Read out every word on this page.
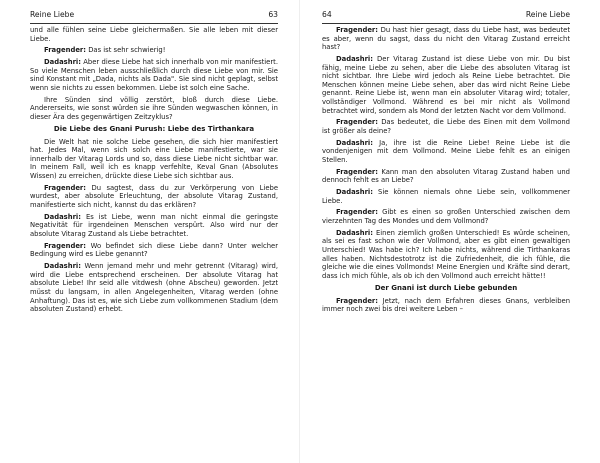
Reine Liebe	63

und alle fühlen seine Liebe gleichermaßen. Sie alle leben mit dieser Liebe.

Fragender: Das ist sehr schwierig!

Dadashri: Aber diese Liebe hat sich innerhalb von mir manifestiert. So viele Menschen leben ausschließlich durch diese Liebe von mir. Sie sind Konstant mit „Dada, nichts als Dada". Sie sind nicht geplagt, selbst wenn sie nichts zu essen bekommen. Liebe ist solch eine Sache.

Ihre Sünden sind völlig zerstört, bloß durch diese Liebe. Andererseits, wie sonst würden sie ihre Sünden wegwaschen können, in dieser Ära des gegenwärtigen Zeitzyklus?

Die Liebe des Gnani Purush: Liebe des Tirthankara

Die Welt hat nie solche Liebe gesehen, die sich hier manifestiert hat. Jedes Mal, wenn sich solch eine Liebe manifestierte, war sie innerhalb der Vitarag Lords und so, dass diese Liebe nicht sichtbar war. In meinem Fall, weil ich es knapp verfehlte, Keval Gnan (Absolutes Wissen) zu erreichen, drückte diese Liebe sich sichtbar aus.

Fragender: Du sagtest, dass du zur Verkörperung von Liebe wurdest, aber absolute Erleuchtung, der absolute Vitarag Zustand, manifestierte sich nicht, kannst du das erklären?

Dadashri: Es ist Liebe, wenn man nicht einmal die geringste Negativität für irgendeinen Menschen verspürt. Also wird nur der absolute Vitarag Zustand als Liebe betrachtet.

Fragender: Wo befindet sich diese Liebe dann? Unter welcher Bedingung wird es Liebe genannt?

Dadashri: Wenn jemand mehr und mehr getrennt (Vitarag) wird, wird die Liebe entsprechend erscheinen. Der absolute Vitarag hat absolute Liebe! Ihr seid alle vitdwesh (ohne Abscheu) geworden. Jetzt müsst du langsam, in allen Angelegenheiten, Vitarag werden (ohne Anhaftung). Das ist es, wie sich Liebe zum vollkommenen Stadium (dem absoluten Zustand) erhebt.

64	Reine Liebe

Fragender: Du hast hier gesagt, dass du Liebe hast, was bedeutet es aber, wenn du sagst, dass du nicht den Vitarag Zustand erreicht hast?

Dadashri: Der Vitarag Zustand ist diese Liebe von mir. Du bist fähig, meine Liebe zu sehen, aber die Liebe des absoluten Vitarag ist nicht sichtbar. Ihre Liebe wird jedoch als Reine Liebe betrachtet. Die Menschen können meine Liebe sehen, aber das wird nicht Reine Liebe genannt. Reine Liebe ist, wenn man ein absoluter Vitarag wird; totaler, vollständiger Vollmond. Während es bei mir nicht als Vollmond betrachtet wird, sondern als Mond der letzten Nacht vor dem Vollmond.

Fragender: Das bedeutet, die Liebe des Einen mit dem Vollmond ist größer als deine?

Dadashri: Ja, ihre ist die Reine Liebe! Reine Liebe ist die vondenjenigen mit dem Vollmond. Meine Liebe fehlt es an einigen Stellen.

Fragender: Kann man den absoluten Vitarag Zustand haben und dennoch fehlt es an Liebe?

Dadashri: Sie können niemals ohne Liebe sein, vollkommener Liebe.

Fragender: Gibt es einen so großen Unterschied zwischen dem vierzehnten Tag des Mondes und dem Vollmond?

Dadashri: Einen ziemlich großen Unterschied! Es würde scheinen, als sei es fast schon wie der Vollmond, aber es gibt einen gewaltigen Unterschied! Was habe ich? Ich habe nichts, während die Tirthankaras alles haben. Nichtsdestotrotz ist die Zufriedenheit, die ich fühle, die gleiche wie die eines Vollmonds! Meine Energien und Kräfte sind derart, dass ich mich fühle, als ob ich den Vollmond auch erreicht hätte!!

Der Gnani ist durch Liebe gebunden

Fragender: Jetzt, nach dem Erfahren dieses Gnans, verbleiben immer noch zwei bis drei weitere Leben –
